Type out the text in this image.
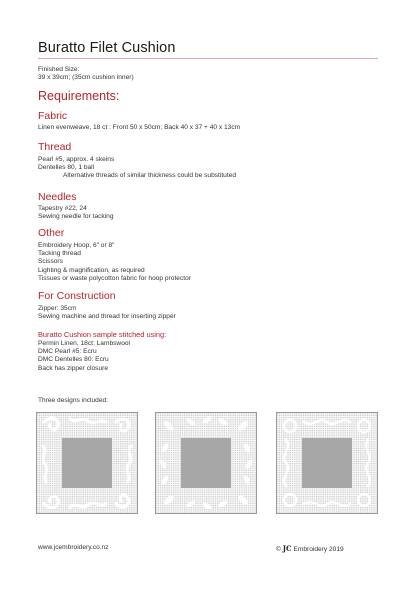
Buratto Filet Cushion
Finished Size:
39 x 39cm; (35cm cushion inner)
Requirements:
Fabric
Linen evenweave, 18 ct : Front 50 x 50cm; Back 40 x 37 + 40 x 13cm
Thread
Pearl #5, approx. 4 skeins
Dentelles 80, 1 ball
Alternative threads of similar thickness could be substituted
Needles
Tapestry #22, 24
Sewing needle for tacking
Other
Embroidery Hoop, 6" or 8"
Tacking thread
Scissors
Lighting & magnification, as required
Tissues or waste polycotton fabric for hoop protector
For Construction
Zipper: 35cm
Sewing machine and thread for inserting zipper
Buratto Cushion sample stitched using:
Permin Linen, 18ct: Lambswool
DMC Pearl #5: Ecru
DMC Dentelles 80: Ecru
Back has zipper closure
Three designs included:
www.jcembroidery.co.nz	© JC Embroidery 2019
